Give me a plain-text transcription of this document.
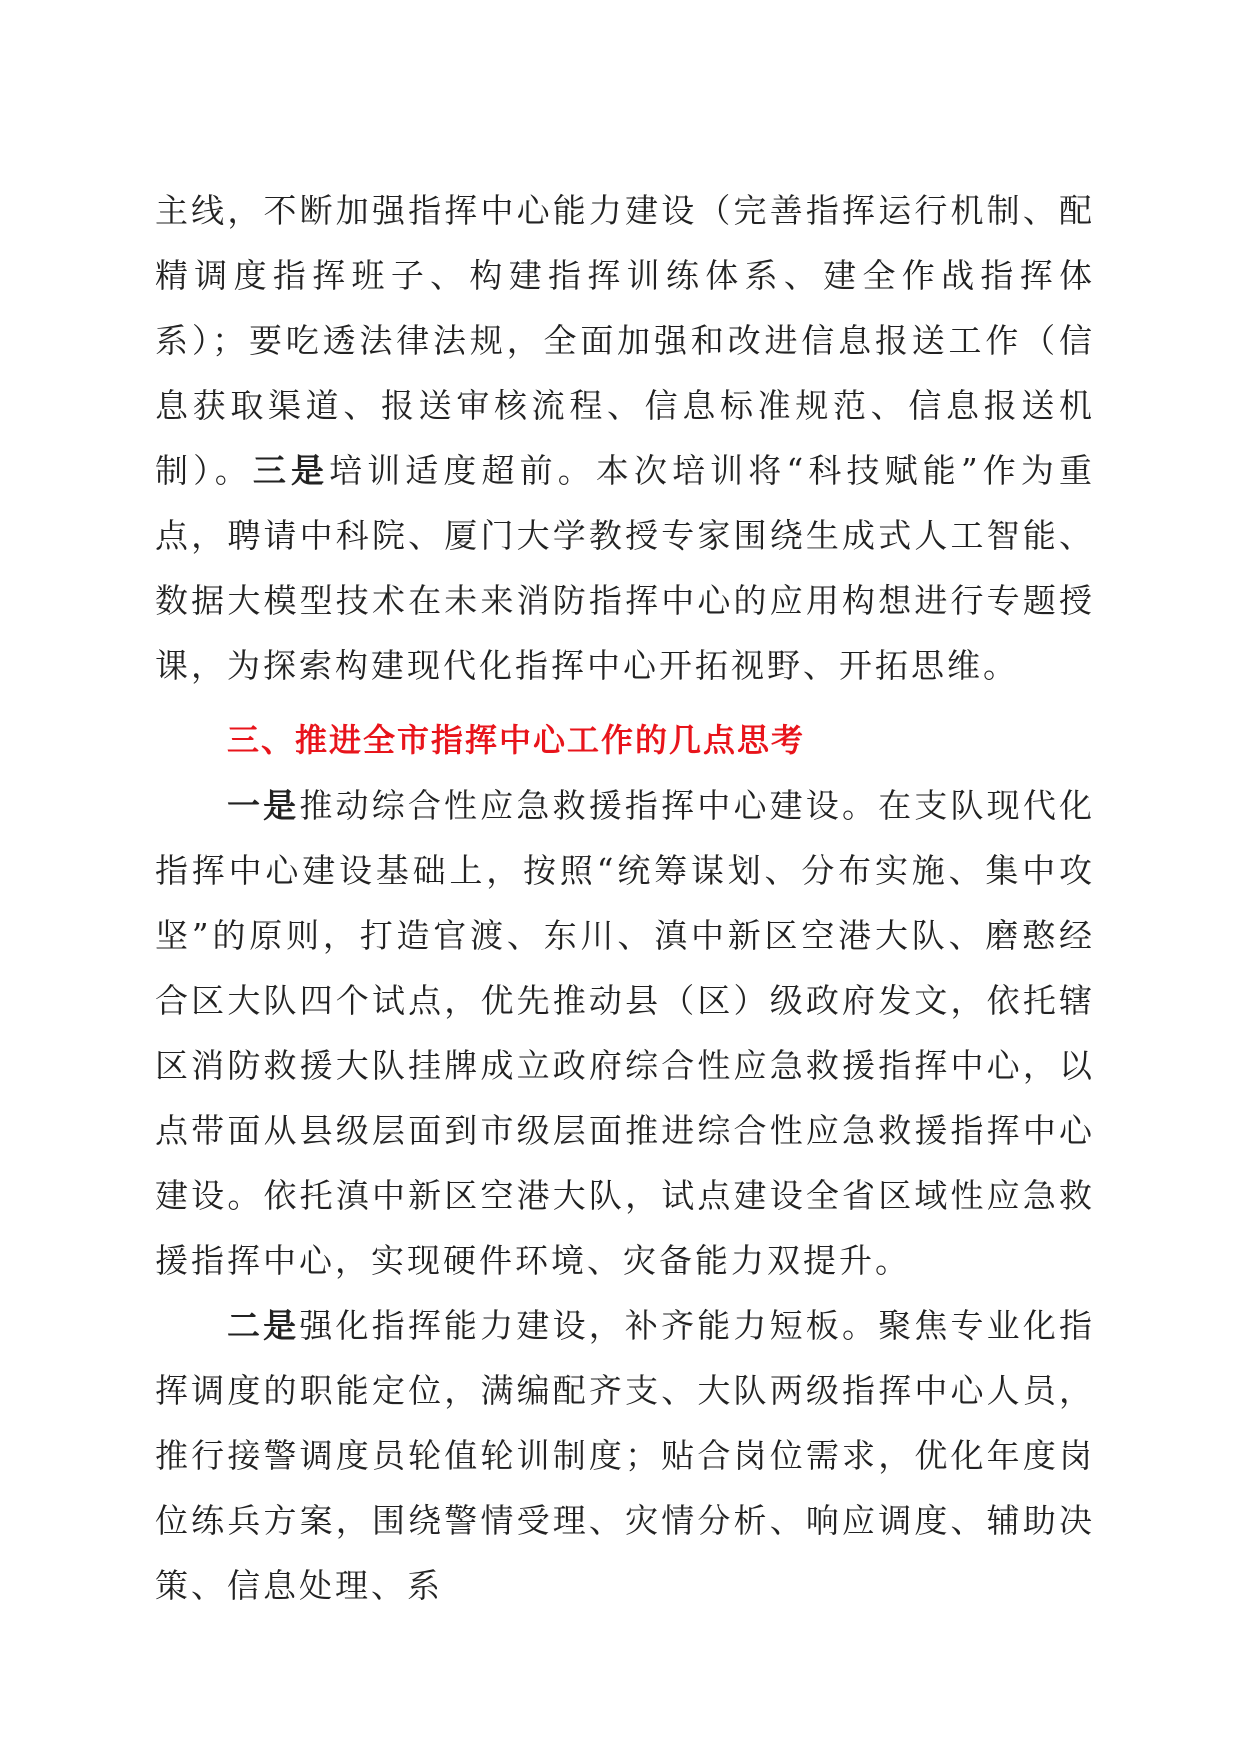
主线，不断加强指挥中心能力建设（完善指挥运行机制、配精调度指挥班子、构建指挥训练体系、建全作战指挥体系）；要吃透法律法规，全面加强和改进信息报送工作（信息获取渠道、报送审核流程、信息标准规范、信息报送机制）。三是培训适度超前。本次培训将“科技赋能”作为重点，聘请中科院、厦门大学教授专家围绕生成式人工智能、数据大模型技术在未来消防指挥中心的应用构想进行专题授课，为探索构建现代化指挥中心开拓视野、开拓思维。

三、推进全市指挥中心工作的几点思考

一是推动综合性应急救援指挥中心建设。在支队现代化指挥中心建设基础上，按照“统筹谋划、分布实施、集中攻坚”的原则，打造官渡、东川、滇中新区空港大队、磨憨经合区大队四个试点，优先推动县（区）级政府发文，依托辖区消防救援大队挂牌成立政府综合性应急救援指挥中心，以点带面从县级层面到市级层面推进综合性应急救援指挥中心建设。依托滇中新区空港大队，试点建设全省区域性应急救援指挥中心，实现硬件环境、灾备能力双提升。

二是强化指挥能力建设，补齐能力短板。聚焦专业化指挥调度的职能定位，满编配齐支、大队两级指挥中心人员，推行接警调度员轮值轮训制度；贴合岗位需求，优化年度岗位练兵方案，围绕警情受理、灾情分析、响应调度、辅助决策、信息处理、系
